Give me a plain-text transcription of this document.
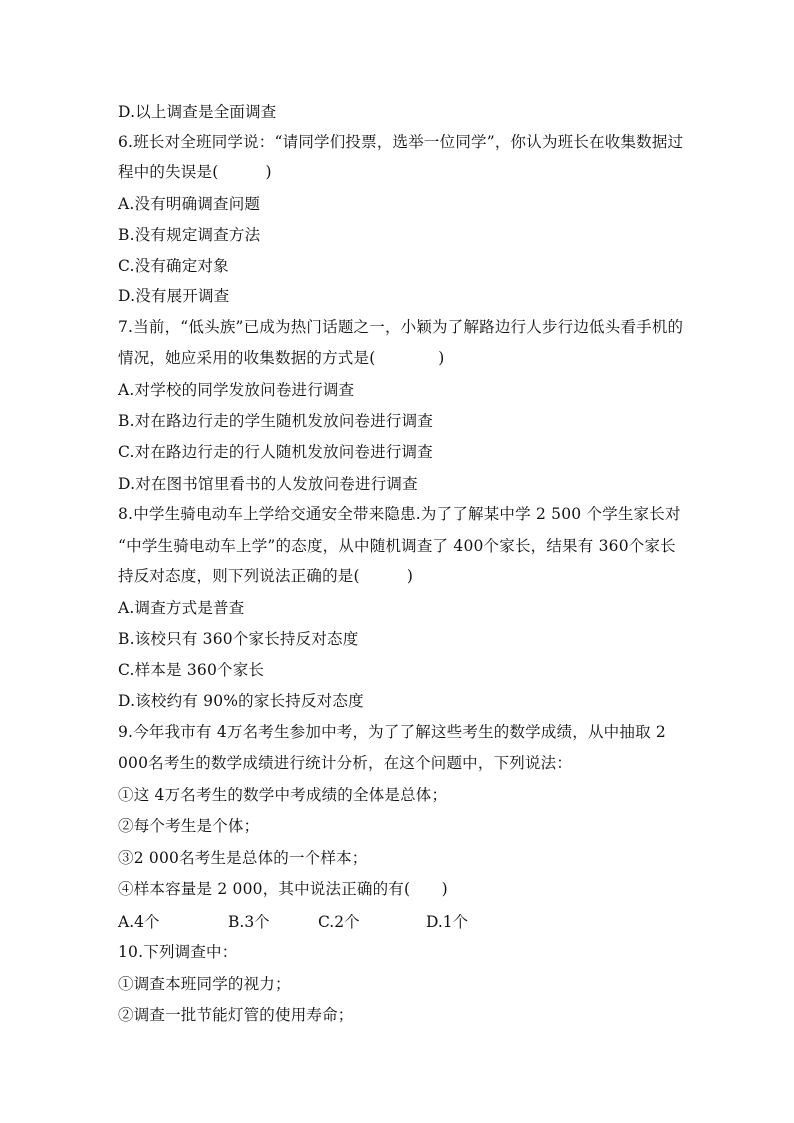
D.以上调查是全面调查
6.班长对全班同学说：“请同学们投票，选举一位同学”，你认为班长在收集数据过
程中的失误是(　　　)
A.没有明确调查问题
B.没有规定调查方法
C.没有确定对象
D.没有展开调查
7.当前，“低头族”已成为热门话题之一，小颖为了解路边行人步行边低头看手机的
情况，她应采用的收集数据的方式是(　　　　)
A.对学校的同学发放问卷进行调查
B.对在路边行走的学生随机发放问卷进行调查
C.对在路边行走的行人随机发放问卷进行调查
D.对在图书馆里看书的人发放问卷进行调查
8.中学生骑电动车上学给交通安全带来隐患.为了了解某中学 2 500 个学生家长对
“中学生骑电动车上学”的态度，从中随机调查了 400个家长，结果有 360个家长
持反对态度，则下列说法正确的是(　　　)
A.调查方式是普查
B.该校只有 360个家长持反对态度
C.样本是 360个家长
D.该校约有 90%的家长持反对态度
9.今年我市有 4万名考生参加中考，为了了解这些考生的数学成绩，从中抽取 2
000名考生的数学成绩进行统计分析，在这个问题中，下列说法：
①这 4万名考生的数学中考成绩的全体是总体；
②每个考生是个体；
③2 000名考生是总体的一个样本；
④样本容量是 2 000，其中说法正确的有(　　)
A.4个	B.3个	C.2个	D.1个
10.下列调查中：
①调查本班同学的视力；
②调查一批节能灯管的使用寿命；
